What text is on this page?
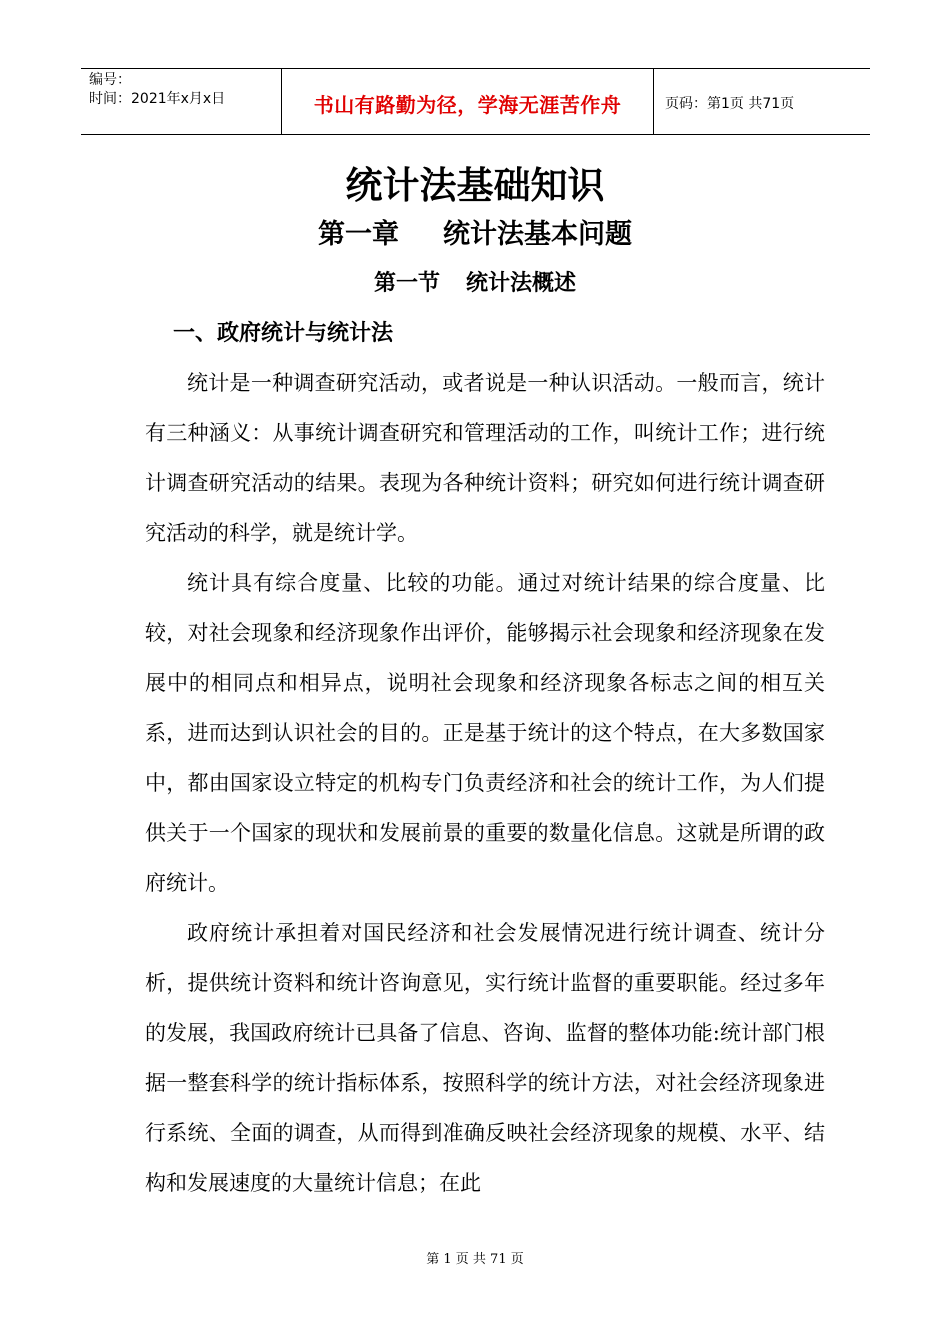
编号：
时间：2021年x月x日	书山有路勤为径，学海无涯苦作舟	页码：第1页 共71页
统计法基础知识
第一章 统计法基本问题
第一节 统计法概述
一、政府统计与统计法

统计是一种调查研究活动，或者说是一种认识活动。一般而言，统计有三种涵义：从事统计调查研究和管理活动的工作，叫统计工作；进行统计调查研究活动的结果。表现为各种统计资料；研究如何进行统计调查研究活动的科学，就是统计学。

统计具有综合度量、比较的功能。通过对统计结果的综合度量、比较，对社会现象和经济现象作出评价，能够揭示社会现象和经济现象在发展中的相同点和相异点，说明社会现象和经济现象各标志之间的相互关系，进而达到认识社会的目的。正是基于统计的这个特点，在大多数国家中，都由国家设立特定的机构专门负责经济和社会的统计工作，为人们提供关于一个国家的现状和发展前景的重要的数量化信息。这就是所谓的政府统计。

政府统计承担着对国民经济和社会发展情况进行统计调查、统计分析，提供统计资料和统计咨询意见，实行统计监督的重要职能。经过多年的发展，我国政府统计已具备了信息、咨询、监督的整体功能:统计部门根据一整套科学的统计指标体系，按照科学的统计方法，对社会经济现象进行系统、全面的调查，从而得到准确反映社会经济现象的规模、水平、结构和发展速度的大量统计信息；在此

第 1 页 共 71 页
